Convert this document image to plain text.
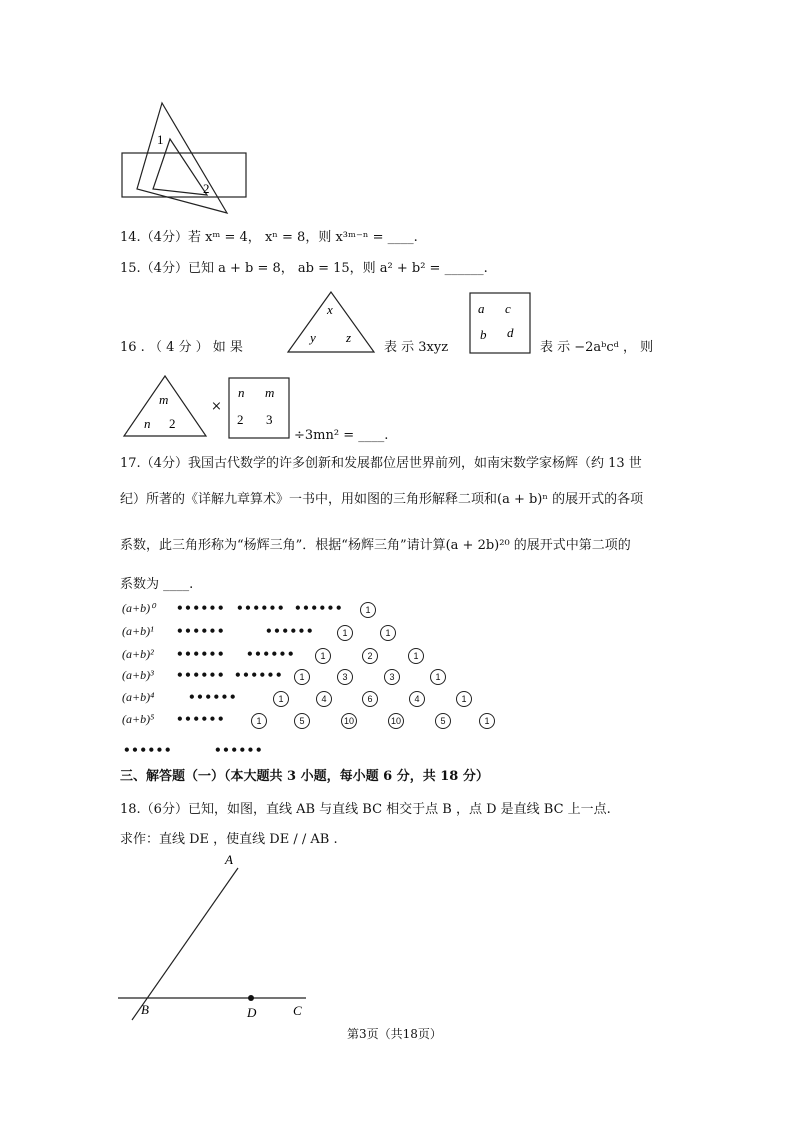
1
2
14.（4分）若 xᵐ = 4， xⁿ = 8，则 x³ᵐ⁻ⁿ = ____.
15.（4分）已知 a + b = 8， ab = 15，则 a² + b² = ______.
16 . （ 4 分 ） 如 果
x
y z
表 示 3xyz
a c
b d
表 示 −2aᵇcᵈ ， 则
m
n 2
×
n m
2 3
÷3mn² = ____.
17.（4分）我国古代数学的许多创新和发展都位居世界前列，如南宋数学家杨辉（约 13 世
纪）所著的《详解九章算术》一书中，用如图的三角形解释二项和(a + b)ⁿ 的展开式的各项
系数，此三角形称为“杨辉三角”．根据“杨辉三角”请计算(a + 2b)²⁰ 的展开式中第二项的
系数为 ____.
(a+b)⁰ •••••• •••••• ••••••	1
(a+b)¹ ••••••	••••••	1	1
(a+b)² •••••• ••••••	1	2	1
(a+b)³ •••••• ••••••	1	3	3	1
(a+b)⁴	••••••	1	4	6	4	1
(a+b)⁵ ••••••	1	5	10	10	5	1
••••••	••••••
三、解答题（一）（本大题共 3 小题，每小题 6 分，共 18 分）
18.（6分）已知，如图，直线 AB 与直线 BC 相交于点 B ，点 D 是直线 BC 上一点.
求作：直线 DE ，使直线 DE / / AB .
A
B	D	C
第3页（共18页）
